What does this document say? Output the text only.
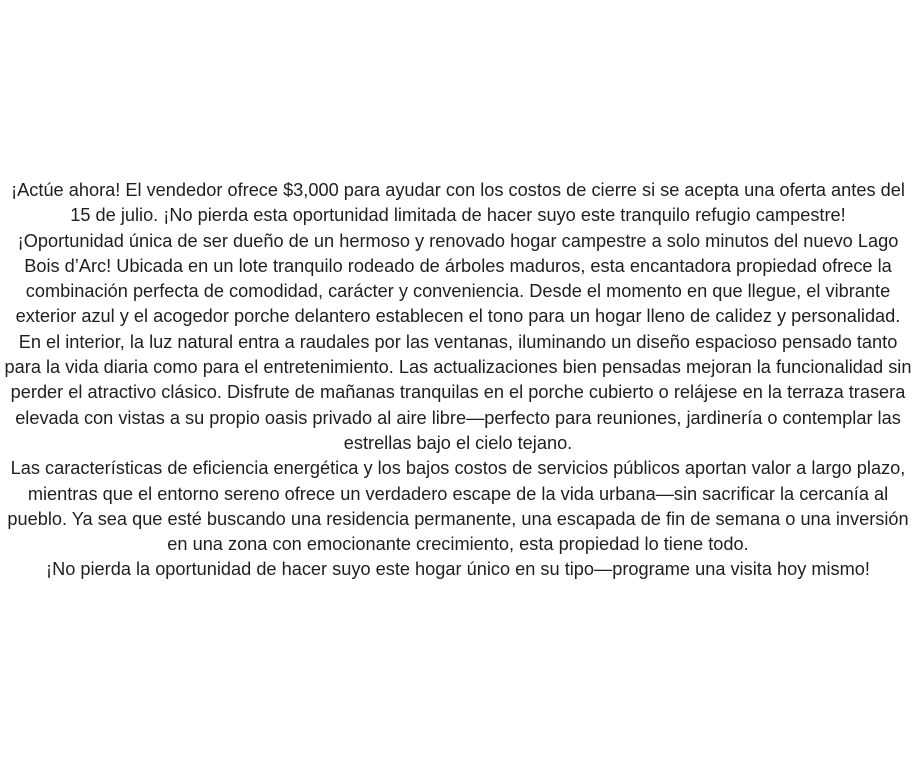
¡Actúe ahora! El vendedor ofrece $3,000 para ayudar con los costos de cierre si se acepta una oferta antes del 15 de julio. ¡No pierda esta oportunidad limitada de hacer suyo este tranquilo refugio campestre!

¡Oportunidad única de ser dueño de un hermoso y renovado hogar campestre a solo minutos del nuevo Lago Bois d’Arc! Ubicada en un lote tranquilo rodeado de árboles maduros, esta encantadora propiedad ofrece la combinación perfecta de comodidad, carácter y conveniencia. Desde el momento en que llegue, el vibrante exterior azul y el acogedor porche delantero establecen el tono para un hogar lleno de calidez y personalidad.

En el interior, la luz natural entra a raudales por las ventanas, iluminando un diseño espacioso pensado tanto para la vida diaria como para el entretenimiento. Las actualizaciones bien pensadas mejoran la funcionalidad sin perder el atractivo clásico. Disfrute de mañanas tranquilas en el porche cubierto o relájese en la terraza trasera elevada con vistas a su propio oasis privado al aire libre—perfecto para reuniones, jardinería o contemplar las estrellas bajo el cielo tejano.

Las características de eficiencia energética y los bajos costos de servicios públicos aportan valor a largo plazo, mientras que el entorno sereno ofrece un verdadero escape de la vida urbana—sin sacrificar la cercanía al pueblo. Ya sea que esté buscando una residencia permanente, una escapada de fin de semana o una inversión en una zona con emocionante crecimiento, esta propiedad lo tiene todo.

¡No pierda la oportunidad de hacer suyo este hogar único en su tipo—programe una visita hoy mismo!
